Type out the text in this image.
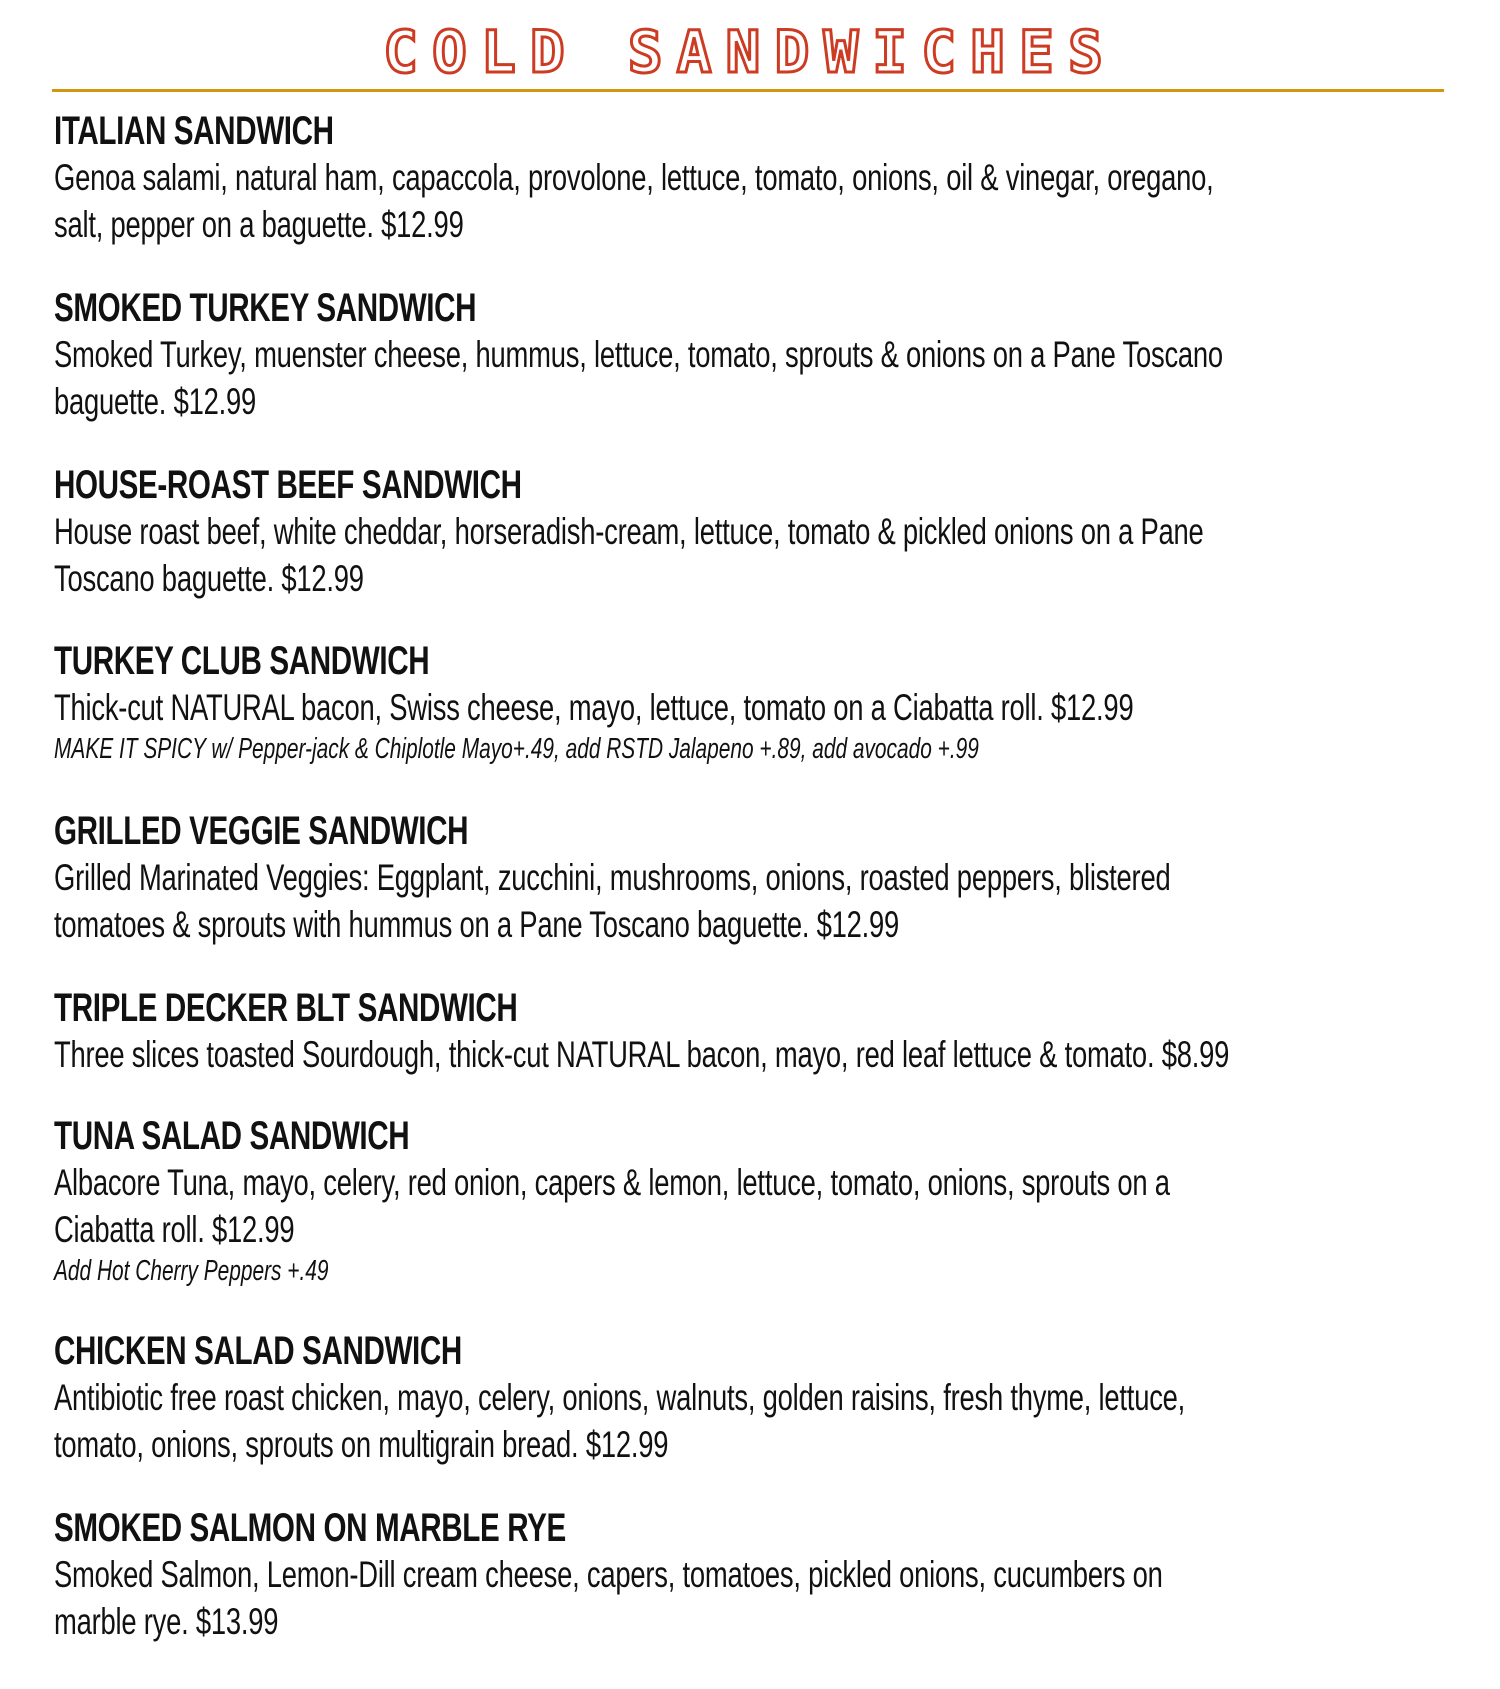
COLD SANDWICHES
ITALIAN SANDWICH
Genoa salami, natural ham, capaccola, provolone, lettuce, tomato, onions, oil & vinegar, oregano,
salt, pepper on a baguette. $12.99
SMOKED TURKEY SANDWICH
Smoked Turkey, muenster cheese, hummus, lettuce, tomato, sprouts & onions on a Pane Toscano
baguette. $12.99
HOUSE-ROAST BEEF SANDWICH
House roast beef, white cheddar, horseradish-cream, lettuce, tomato & pickled onions on a Pane
Toscano baguette. $12.99
TURKEY CLUB SANDWICH
Thick-cut NATURAL bacon, Swiss cheese, mayo, lettuce, tomato on a Ciabatta roll. $12.99
MAKE IT SPICY w/ Pepper-jack & Chiplotle Mayo+.49, add RSTD Jalapeno +.89, add avocado +.99
GRILLED VEGGIE SANDWICH
Grilled Marinated Veggies: Eggplant, zucchini, mushrooms, onions, roasted peppers, blistered
tomatoes & sprouts with hummus on a Pane Toscano baguette. $12.99
TRIPLE DECKER BLT SANDWICH
Three slices toasted Sourdough, thick-cut NATURAL bacon, mayo, red leaf lettuce & tomato. $8.99
TUNA SALAD SANDWICH
Albacore Tuna, mayo, celery, red onion, capers & lemon, lettuce, tomato, onions, sprouts on a
Ciabatta roll. $12.99
Add Hot Cherry Peppers +.49
CHICKEN SALAD SANDWICH
Antibiotic free roast chicken, mayo, celery, onions, walnuts, golden raisins, fresh thyme, lettuce,
tomato, onions, sprouts on multigrain bread. $12.99
SMOKED SALMON ON MARBLE RYE
Smoked Salmon, Lemon-Dill cream cheese, capers, tomatoes, pickled onions, cucumbers on
marble rye. $13.99
